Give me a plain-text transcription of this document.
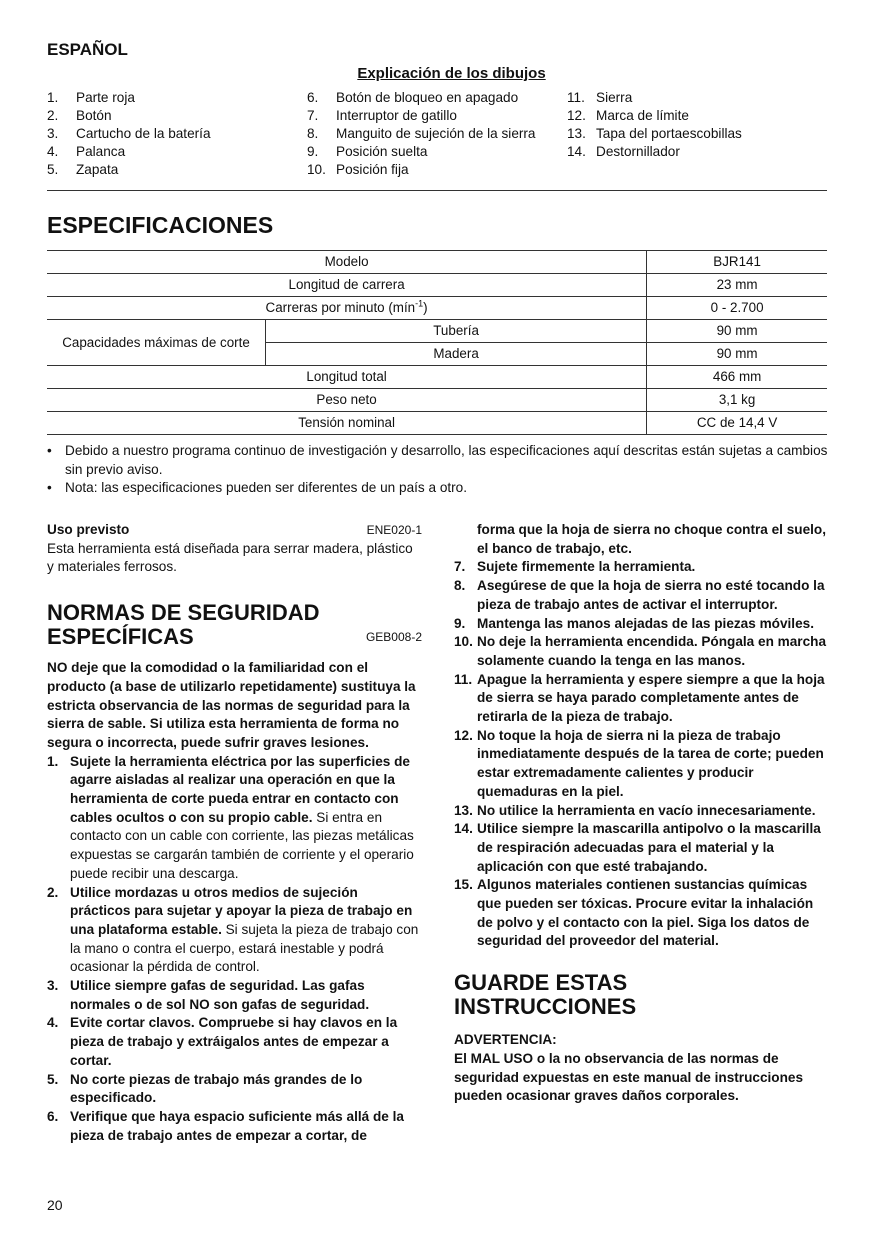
ESPAÑOL
Explicación de los dibujos
1. Parte roja
2. Botón
3. Cartucho de la batería
4. Palanca
5. Zapata
6. Botón de bloqueo en apagado
7. Interruptor de gatillo
8. Manguito de sujeción de la sierra
9. Posición suelta
10. Posición fija
11. Sierra
12. Marca de límite
13. Tapa del portaescobillas
14. Destornillador
ESPECIFICACIONES
Modelo		BJR141
Longitud de carrera		23 mm
Carreras por minuto (mín$^{-1}$)		0 - 2.700
Capacidades máximas de corte	Tubería	90 mm
	Madera	90 mm
Longitud total		466 mm
Peso neto		3,1 kg
Tensión nominal		CC de 14,4 V
• Debido a nuestro programa continuo de investigación y desarrollo, las especificaciones aquí descritas están sujetas a cambios sin previo aviso.
• Nota: las especificaciones pueden ser diferentes de un país a otro.
Uso previsto	ENE020-1
Esta herramienta está diseñada para serrar madera, plástico y materiales ferrosos.
NORMAS DE SEGURIDAD
ESPECÍFICAS	GEB008-2
NO deje que la comodidad o la familiaridad con el producto (a base de utilizarlo repetidamente) sustituya la estricta observancia de las normas de seguridad para la sierra de sable. Si utiliza esta herramienta de forma no segura o incorrecta, puede sufrir graves lesiones.
1. Sujete la herramienta eléctrica por las superficies de agarre aisladas al realizar una operación en que la herramienta de corte pueda entrar en contacto con cables ocultos o con su propio cable. Si entra en contacto con un cable con corriente, las piezas metálicas expuestas se cargarán también de corriente y el operario puede recibir una descarga.
2. Utilice mordazas u otros medios de sujeción prácticos para sujetar y apoyar la pieza de trabajo en una plataforma estable. Si sujeta la pieza de trabajo con la mano o contra el cuerpo, estará inestable y podrá ocasionar la pérdida de control.
3. Utilice siempre gafas de seguridad. Las gafas normales o de sol NO son gafas de seguridad.
4. Evite cortar clavos. Compruebe si hay clavos en la pieza de trabajo y extráigalos antes de empezar a cortar.
5. No corte piezas de trabajo más grandes de lo especificado.
6. Verifique que haya espacio suficiente más allá de la pieza de trabajo antes de empezar a cortar, de
forma que la hoja de sierra no choque contra el suelo, el banco de trabajo, etc.
7. Sujete firmemente la herramienta.
8. Asegúrese de que la hoja de sierra no esté tocando la pieza de trabajo antes de activar el interruptor.
9. Mantenga las manos alejadas de las piezas móviles.
10. No deje la herramienta encendida. Póngala en marcha solamente cuando la tenga en las manos.
11. Apague la herramienta y espere siempre a que la hoja de sierra se haya parado completamente antes de retirarla de la pieza de trabajo.
12. No toque la hoja de sierra ni la pieza de trabajo inmediatamente después de la tarea de corte; pueden estar extremadamente calientes y producir quemaduras en la piel.
13. No utilice la herramienta en vacío innecesariamente.
14. Utilice siempre la mascarilla antipolvo o la mascarilla de respiración adecuadas para el material y la aplicación con que esté trabajando.
15. Algunos materiales contienen sustancias químicas que pueden ser tóxicas. Procure evitar la inhalación de polvo y el contacto con la piel. Siga los datos de seguridad del proveedor del material.
GUARDE ESTAS
INSTRUCCIONES
ADVERTENCIA:
El MAL USO o la no observancia de las normas de seguridad expuestas en este manual de instrucciones pueden ocasionar graves daños corporales.
20
